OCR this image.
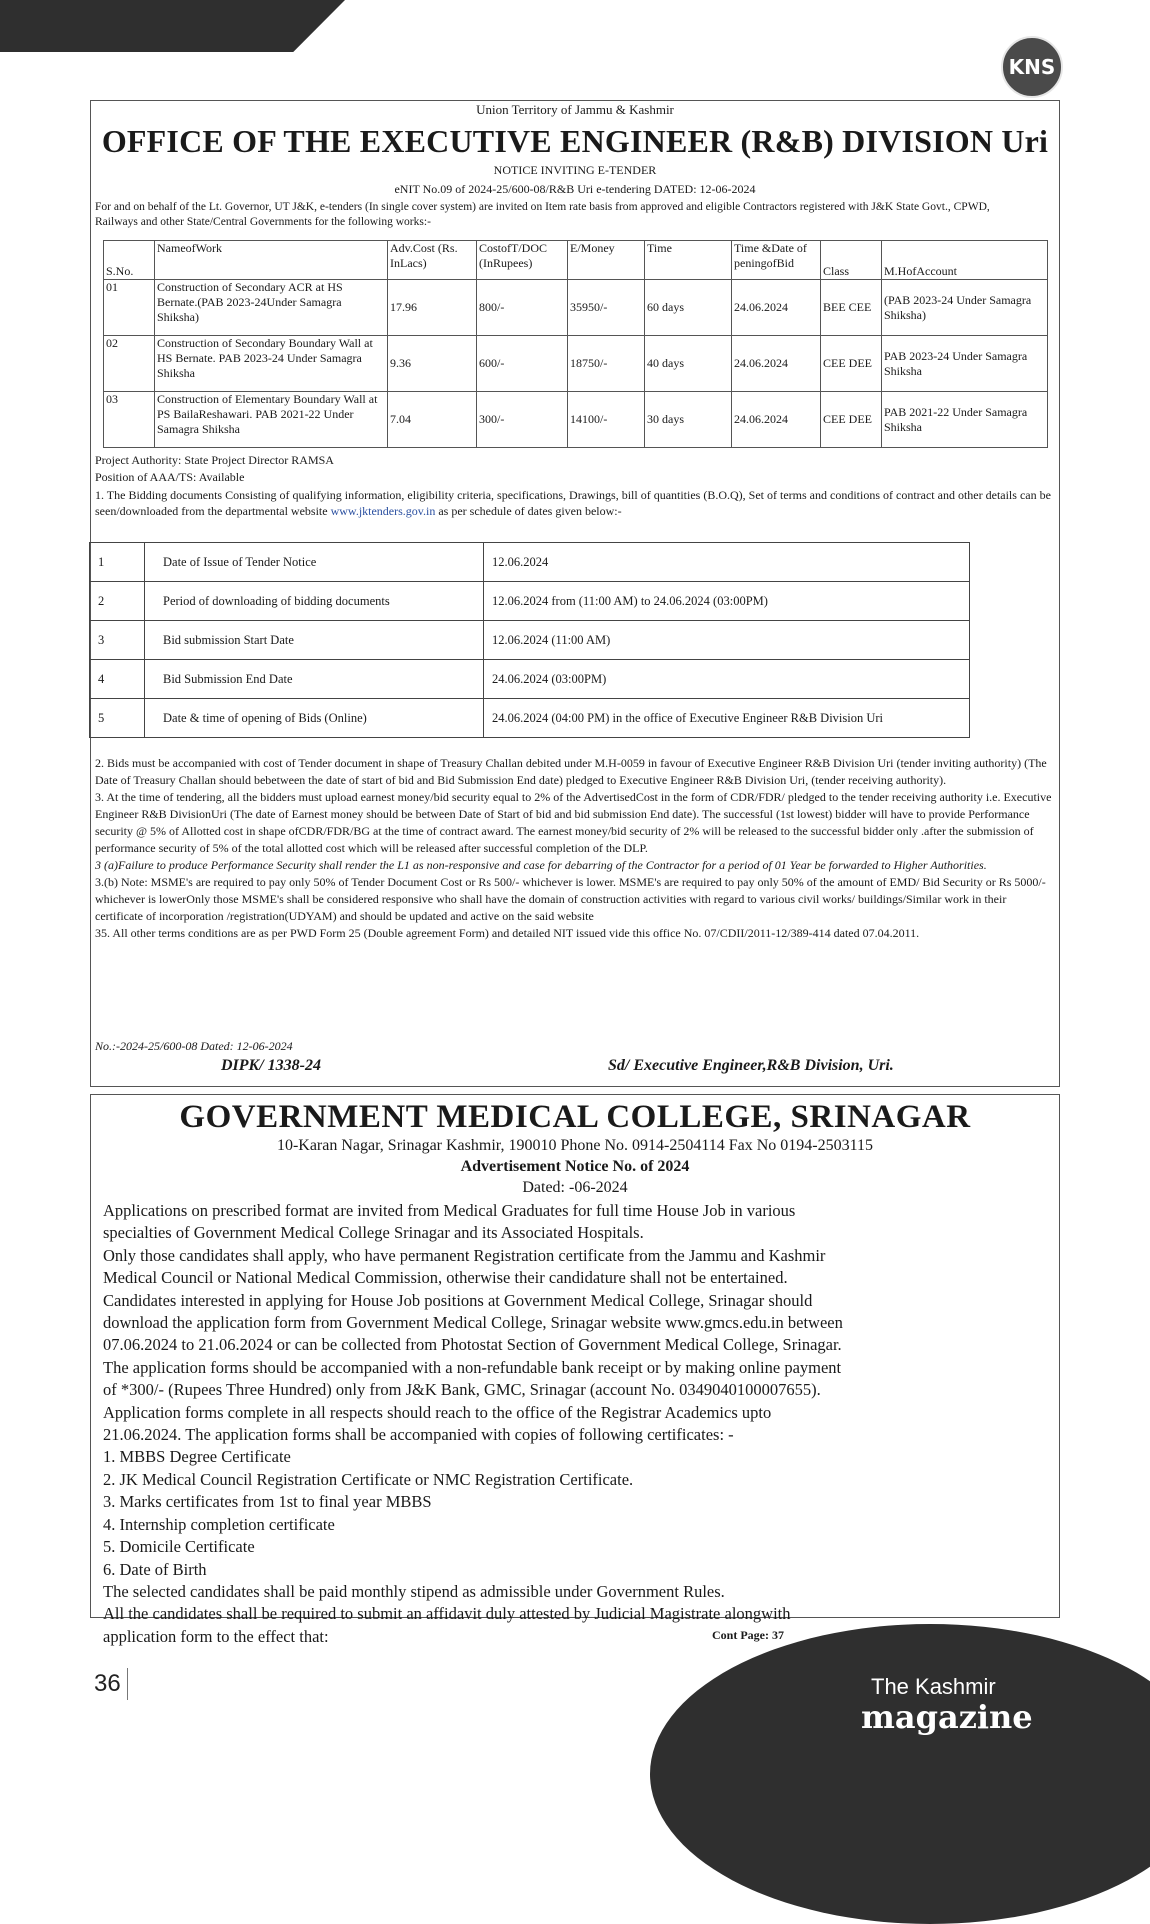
KNS
Union Territory of Jammu & Kashmir
OFFICE OF THE EXECUTIVE ENGINEER (R&B) DIVISION Uri
NOTICE INVITING E-TENDER
eNIT No.09 of 2024-25/600-08/R&B Uri e-tendering DATED: 12-06-2024
For and on behalf of the Lt. Governor, UT J&K, e-tenders (In single cover system) are invited on Item rate basis from approved and eligible Contractors registered with J&K State Govt., CPWD, Railways and other State/Central Governments for the following works:-
S.No.	NameofWork	Adv.Cost (Rs. InLacs)	CostofT/DOC (InRupees)	E/Money	Time	Time &Date of peningofBid	Class	M.HofAccount
01	Construction of Secondary ACR at HS Bernate.(PAB 2023-24Under Samagra Shiksha)	17.96	800/-	35950/-	60 days	24.06.2024	BEE CEE	(PAB 2023-24 Under Samagra Shiksha)
02	Construction of Secondary Boundary Wall at HS Bernate. PAB 2023-24 Under Samagra Shiksha	9.36	600/-	18750/-	40 days	24.06.2024	CEE DEE	PAB 2023-24 Under Samagra Shiksha
03	Construction of Elementary Boundary Wall at PS BailaReshawari. PAB 2021-22 Under Samagra Shiksha	7.04	300/-	14100/-	30 days	24.06.2024	CEE DEE	PAB 2021-22 Under Samagra Shiksha
Project Authority: State Project Director RAMSA
Position of AAA/TS: Available
1. The Bidding documents Consisting of qualifying information, eligibility criteria, specifications, Drawings, bill of quantities (B.O.Q), Set of terms and conditions of contract and other details can be seen/downloaded from the departmental website www.jktenders.gov.in as per schedule of dates given below:-
1	Date of Issue of Tender Notice	12.06.2024
2	Period of downloading of bidding documents	12.06.2024 from (11:00 AM) to 24.06.2024 (03:00PM)
3	Bid submission Start Date	12.06.2024 (11:00 AM)
4	Bid Submission End Date	24.06.2024 (03:00PM)
5	Date & time of opening of Bids (Online)	24.06.2024 (04:00 PM) in the office of Executive Engineer R&B Division Uri

2. Bids must be accompanied with cost of Tender document in shape of Treasury Challan debited under M.H-0059 in favour of Executive Engineer R&B Division Uri (tender inviting authority) (The Date of Treasury Challan should bebetween the date of start of bid and Bid Submission End date) pledged to Executive Engineer R&B Division Uri, (tender receiving authority).

3. At the time of tendering, all the bidders must upload earnest money/bid security equal to 2% of the AdvertisedCost in the form of CDR/FDR/ pledged to the tender receiving authority i.e. Executive Engineer R&B DivisionUri (The date of Earnest money should be between Date of Start of bid and bid submission End date). The successful (1st lowest) bidder will have to provide Performance security @ 5% of Allotted cost in shape ofCDR/FDR/BG at the time of contract award. The earnest money/bid security of 2% will be released to the successful bidder only .after the submission of performance security of 5% of the total allotted cost which will be released after successful completion of the DLP.

3 (a)Failure to produce Performance Security shall render the L1 as non-responsive and case for debarring of the Contractor for a period of 01 Year be forwarded to Higher Authorities.

3.(b) Note: MSME's are required to pay only 50% of Tender Document Cost or Rs 500/- whichever is lower. MSME's are required to pay only 50% of the amount of EMD/ Bid Security or Rs 5000/- whichever is lowerOnly those MSME's shall be considered responsive who shall have the domain of construction activities with regard to various civil works/ buildings/Similar work in their certificate of incorporation /registration(UDYAM) and should be updated and active on the said website

35. All other terms conditions are as per PWD Form 25 (Double agreement Form) and detailed NIT issued vide this office No. 07/CDII/2011-12/389-414 dated 07.04.2011.

No.:-2024-25/600-08 Dated: 12-06-2024
DIPK/ 1338-24	Sd/ Executive Engineer,R&B Division, Uri.
GOVERNMENT MEDICAL COLLEGE, SRINAGAR
10-Karan Nagar, Srinagar Kashmir, 190010 Phone No. 0914-2504114 Fax No 0194-2503115
Advertisement Notice No. of 2024
Dated: -06-2024
Applications on prescribed format are invited from Medical Graduates for full time House Job in various
specialties of Government Medical College Srinagar and its Associated Hospitals.
Only those candidates shall apply, who have permanent Registration certificate from the Jammu and Kashmir
Medical Council or National Medical Commission, otherwise their candidature shall not be entertained.
Candidates interested in applying for House Job positions at Government Medical College, Srinagar should
download the application form from Government Medical College, Srinagar website www.gmcs.edu.in between
07.06.2024 to 21.06.2024 or can be collected from Photostat Section of Government Medical College, Srinagar.
The application forms should be accompanied with a non-refundable bank receipt or by making online payment
of *300/- (Rupees Three Hundred) only from J&K Bank, GMC, Srinagar (account No. 0349040100007655).
Application forms complete in all respects should reach to the office of the Registrar Academics upto
21.06.2024. The application forms shall be accompanied with copies of following certificates: -
1. MBBS Degree Certificate
2. JK Medical Council Registration Certificate or NMC Registration Certificate.
3. Marks certificates from 1st to final year MBBS
4. Internship completion certificate
5. Domicile Certificate
6. Date of Birth
The selected candidates shall be paid monthly stipend as admissible under Government Rules.
All the candidates shall be required to submit an affidavit duly attested by Judicial Magistrate alongwith
application form to the effect that:	Cont Page: 37
36	The Kashmir
magazine
